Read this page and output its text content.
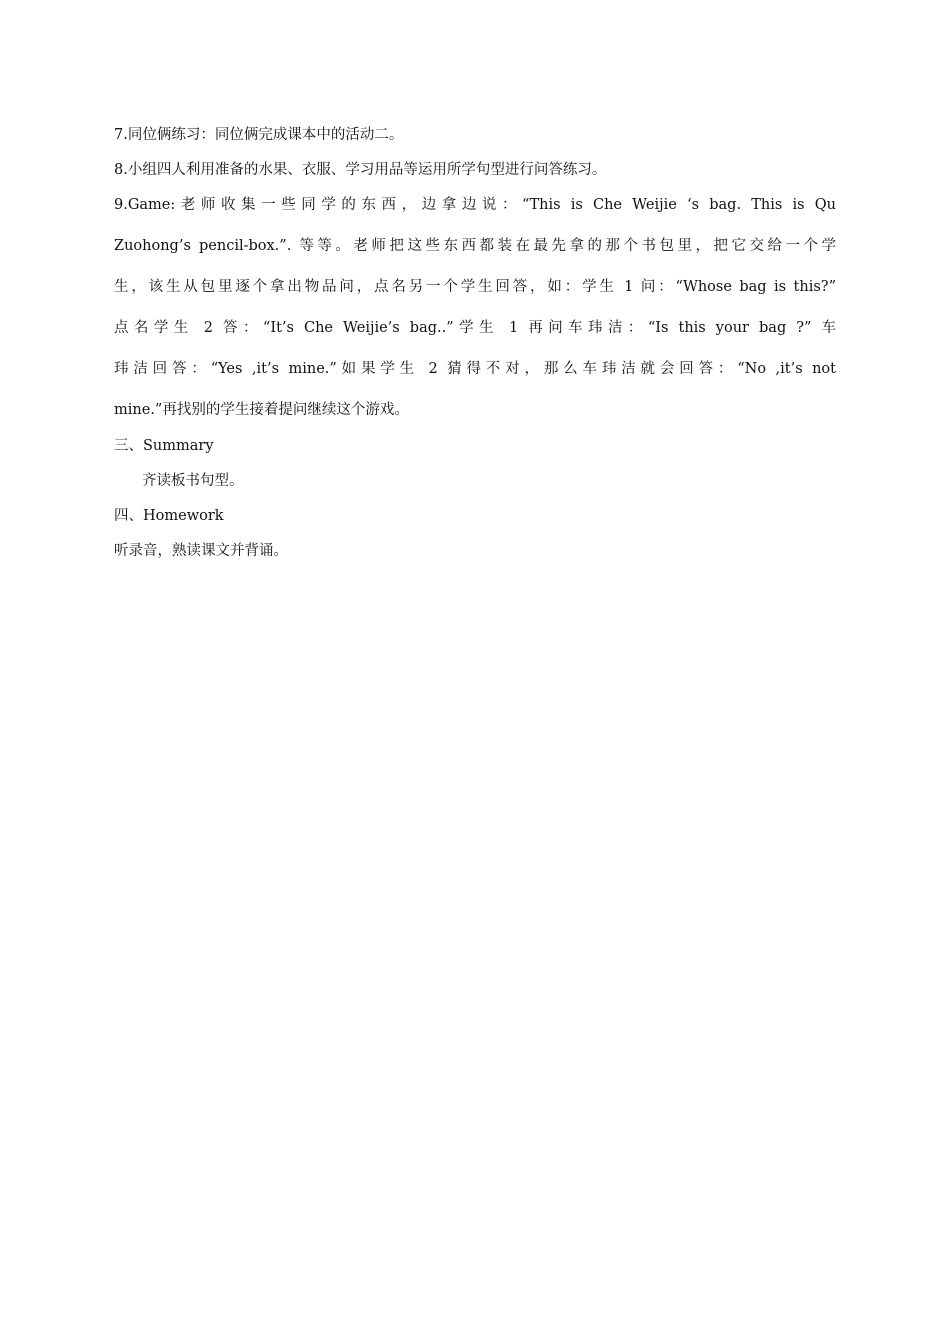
7.同位俩练习：同位俩完成课本中的活动二。
8.小组四人利用准备的水果、衣服、学习用品等运用所学句型进行问答练习。
9.Game:老师收集一些同学的东西，边拿边说：“This is Che Weijie ‘s bag. This is Qu
Zuohong’s pencil-box.”. 等等。老师把这些东西都装在最先拿的那个书包里，把它交给一个学
生，该生从包里逐个拿出物品问，点名另一个学生回答，如：学生 1 问：“Whose bag is this?”
点名学生 2 答：“It’s Che Weijie’s bag..”学生 1 再问车玮洁：“Is this your bag ?” 车
玮洁回答：“Yes ,it’s mine.”如果学生 2 猜得不对，那么车玮洁就会回答：“No ,it’s not
mine.”再找别的学生接着提问继续这个游戏。
三、Summary
齐读板书句型。
四、Homework
听录音，熟读课文并背诵。
